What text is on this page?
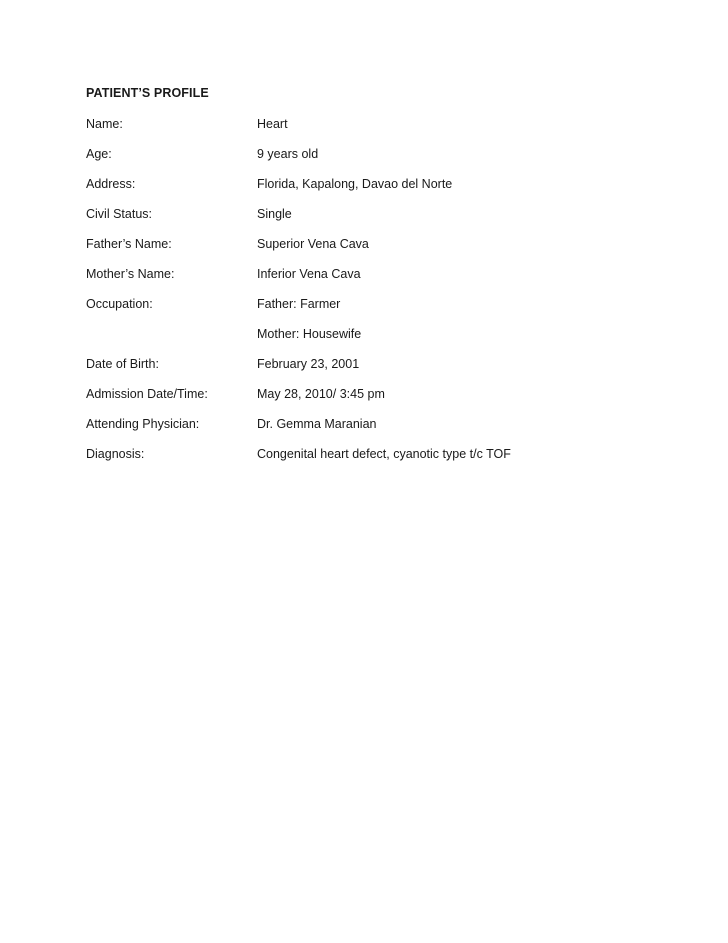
PATIENT’S PROFILE
Name:	Heart
Age:	9 years old
Address:	Florida, Kapalong, Davao del Norte
Civil Status:	Single
Father’s Name:	Superior Vena Cava
Mother’s Name:	Inferior Vena Cava
Occupation:	Father: Farmer
Mother: Housewife
Date of Birth:	February 23, 2001
Admission Date/Time:	May 28, 2010/ 3:45 pm
Attending Physician:	Dr. Gemma Maranian
Diagnosis:	Congenital heart defect, cyanotic type t/c TOF
